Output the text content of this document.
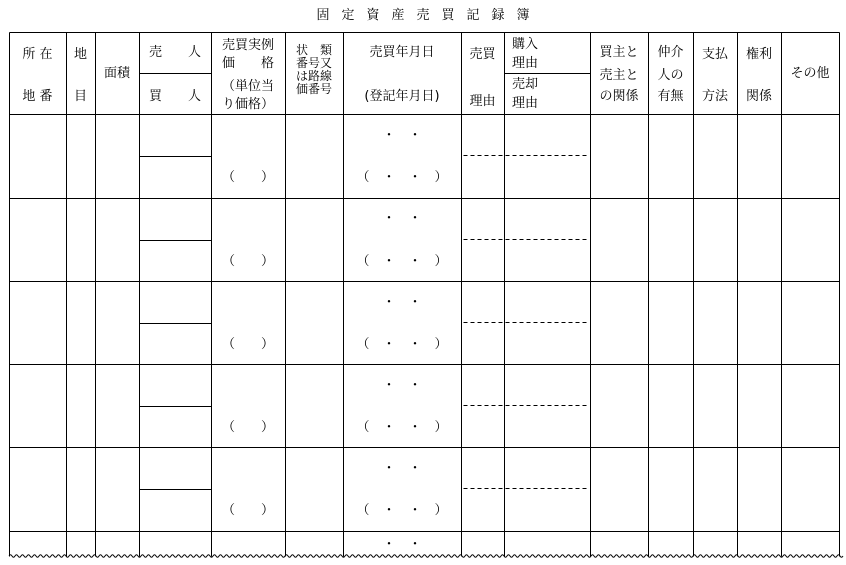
固 定 資 産 売 買 記 録 簿
所 在
地 番
地
目
面積
売　　人
買　　人
売買実例
価　　格
（単位当
り価格）
状　類
番号又
は路線
価番号
売買年月日
(登記年月日)
売買
理由
購入
理由
売却
理由
買主と
売主と
の関係
仲介
人の
有無
支払
方法
権利
関係
その他
（　　）
・　・
（　・　・　）
（　　）
・　・
（　・　・　）
（　　）
・　・
（　・　・　）
（　　）
・　・
（　・　・　）
（　　）
・　・
（　・　・　）
・　・
